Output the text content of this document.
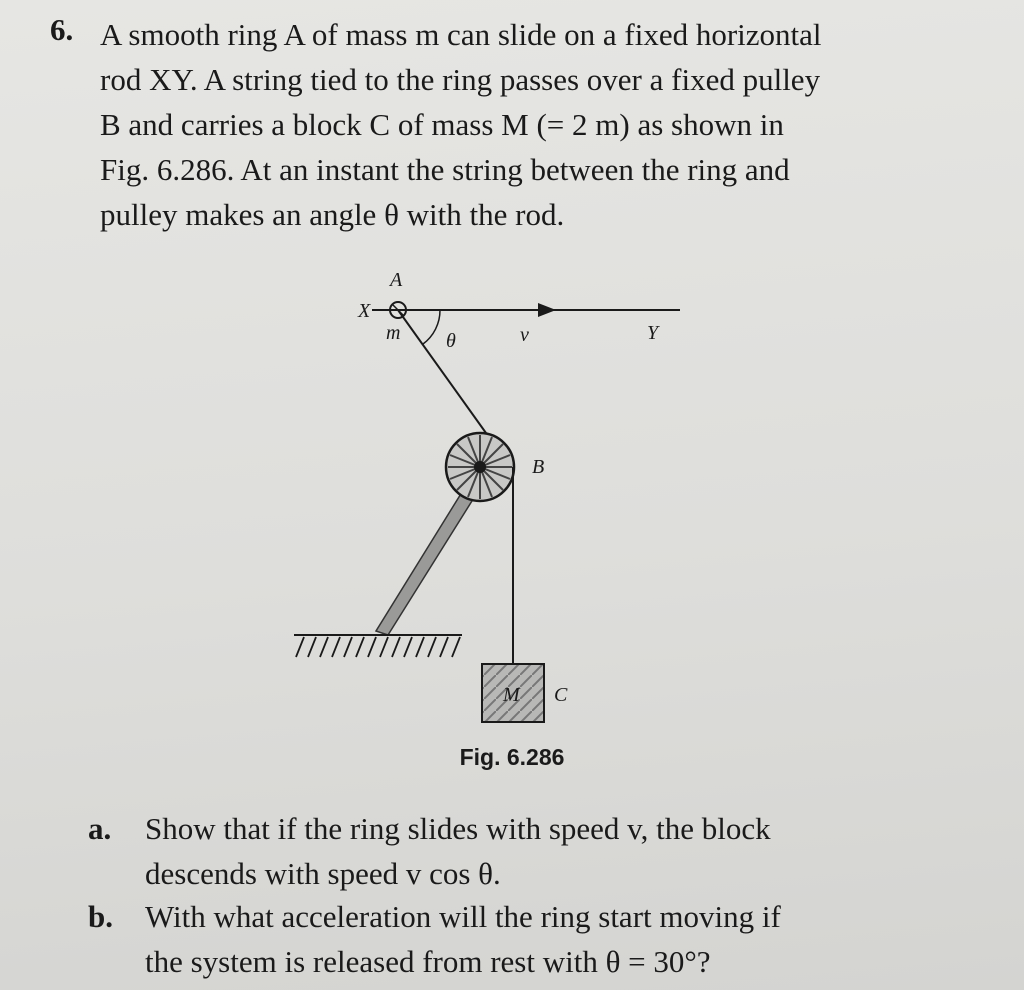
6. A smooth ring A of mass m can slide on a fixed horizontal
rod XY. A string tied to the ring passes over a fixed pulley
B and carries a block C of mass M (= 2 m) as shown in
Fig. 6.286. At an instant the string between the ring and
pulley makes an angle θ with the rod.
A
X
m θ	v	Y
B
M C
Fig. 6.286
a. Show that if the ring slides with speed v, the block
descends with speed v cos θ.
b. With what acceleration will the ring start moving if
the system is released from rest with θ = 30°?
